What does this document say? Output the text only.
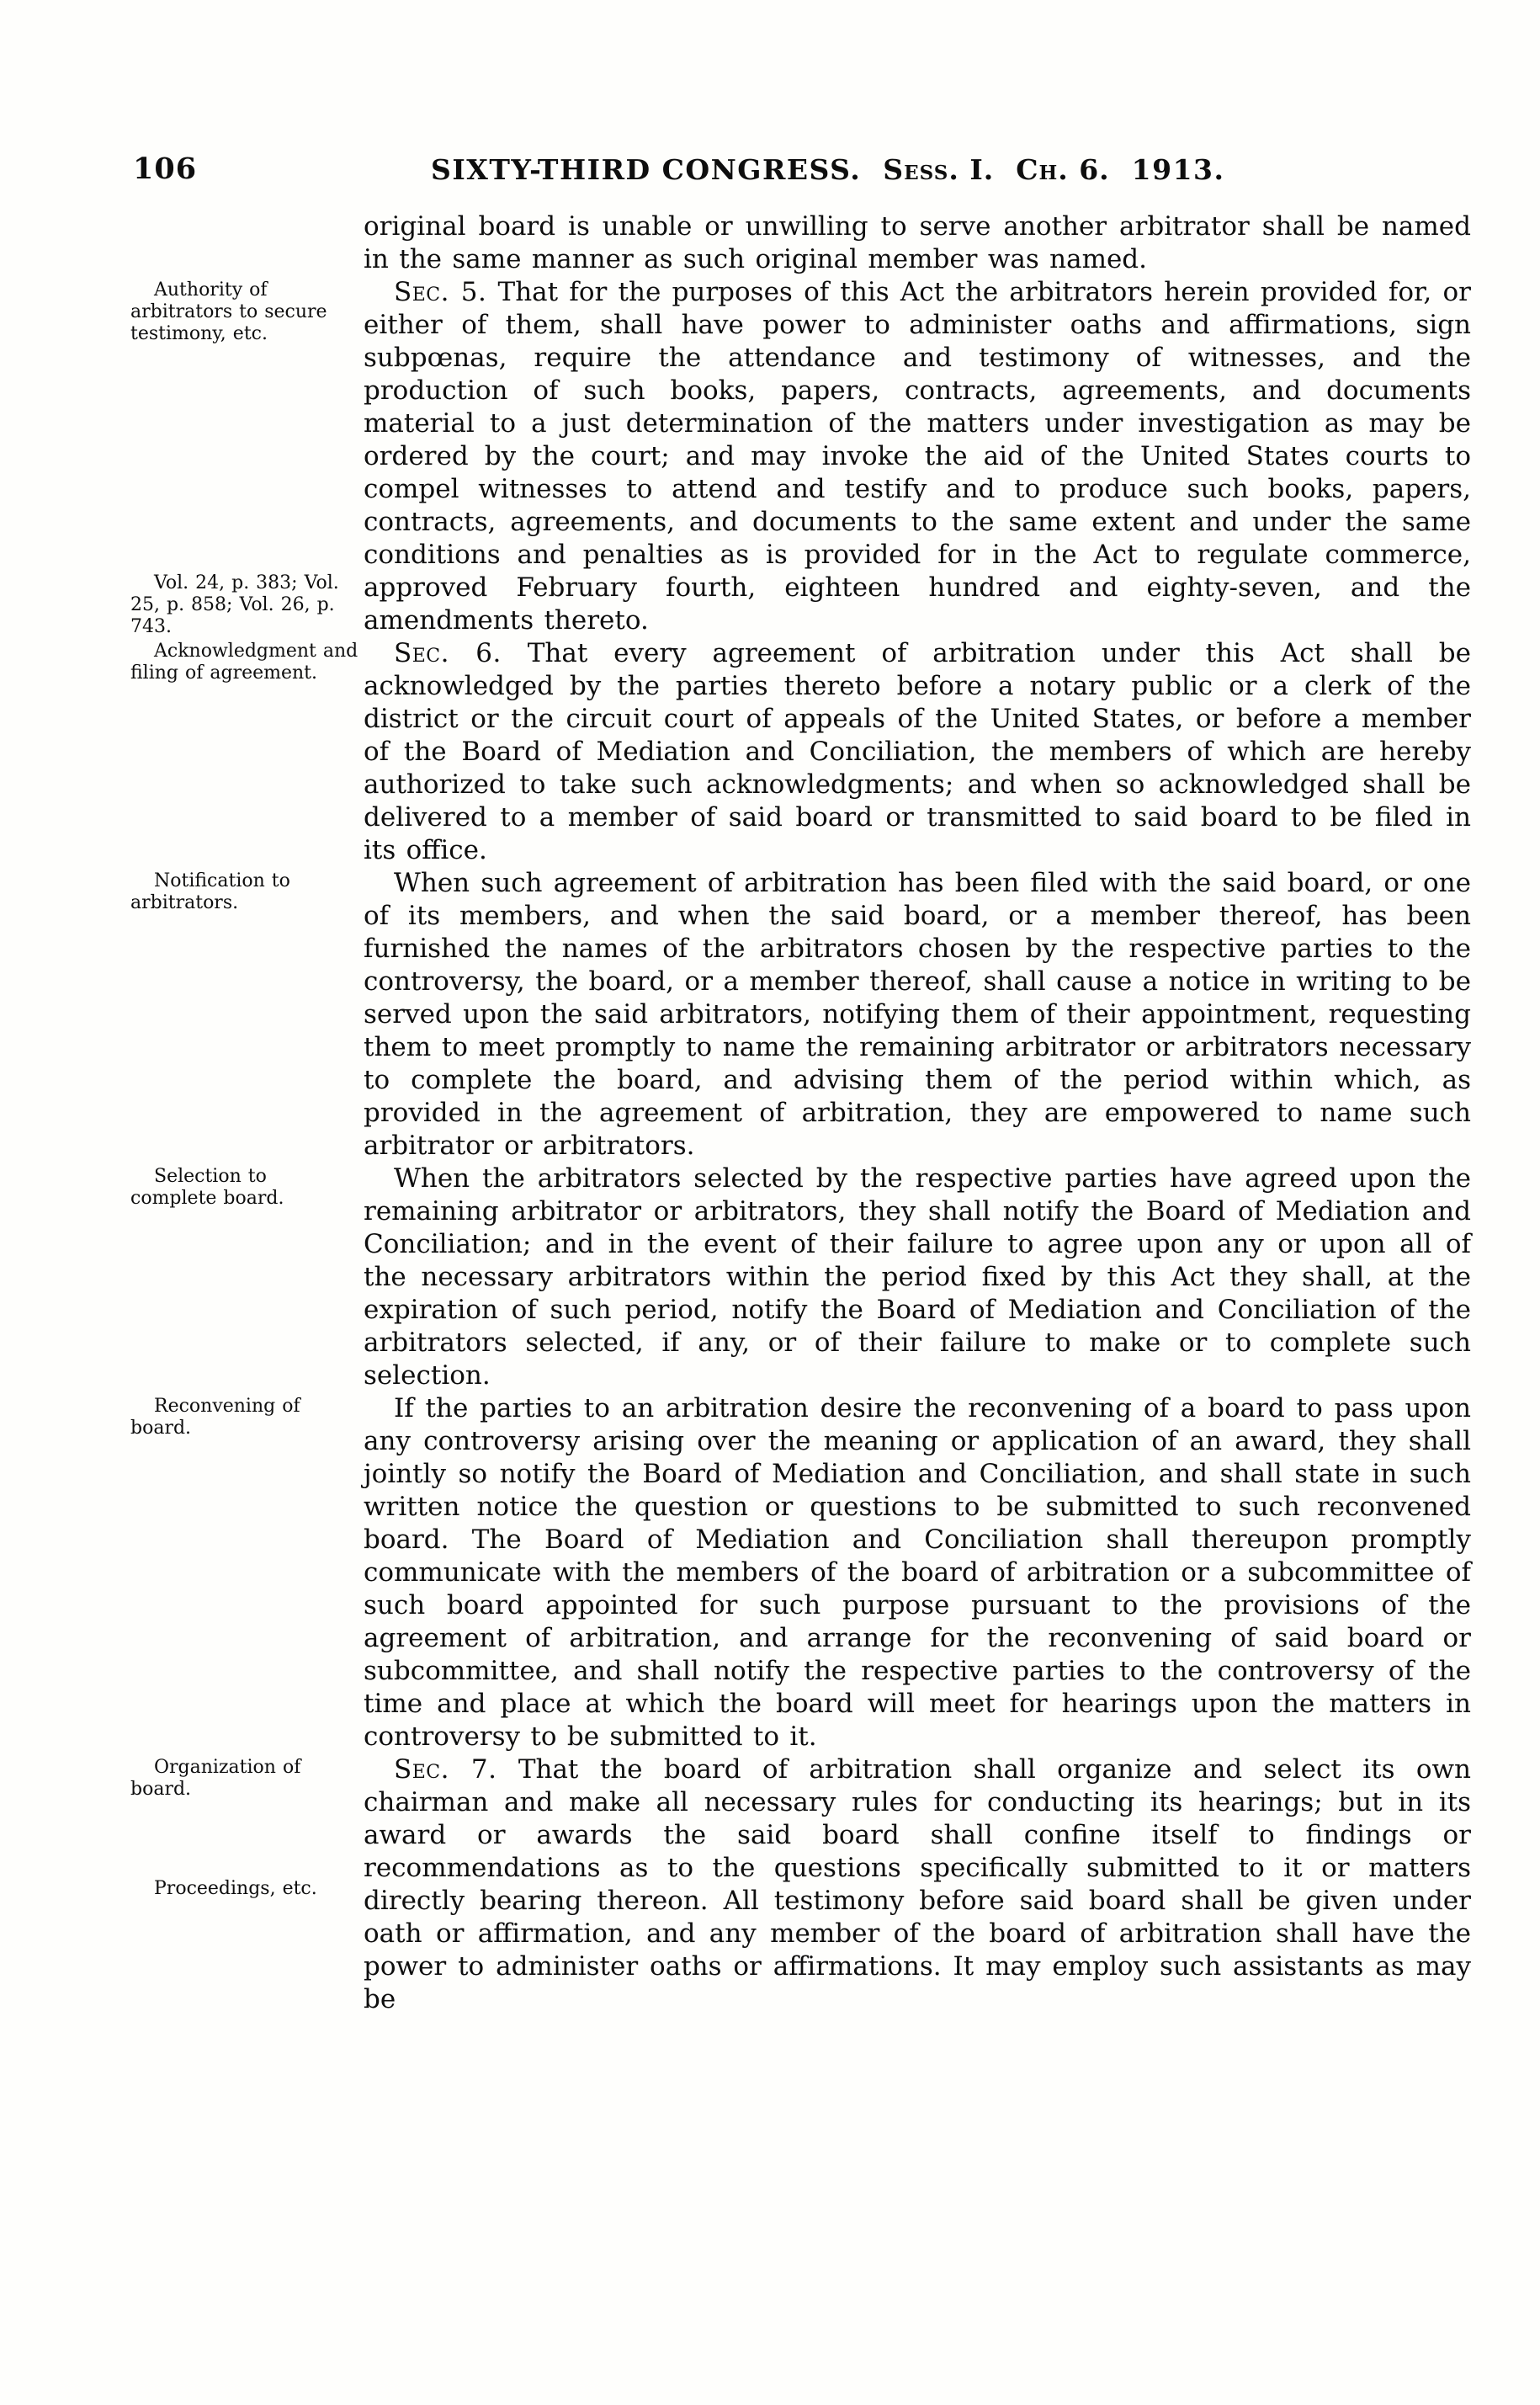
106	SIXTY-THIRD CONGRESS. Sess. I. Ch. 6. 1913.

original board is unable or unwilling to serve another arbitrator shall be named in the same manner as such original member was named.

Authority of arbitrators to secure testimony, etc.
Vol. 24, p. 383; Vol. 25, p. 858; Vol. 26, p. 743.
Sec. 5. That for the purposes of this Act the arbitrators herein provided for, or either of them, shall have power to administer oaths and affirmations, sign subpœnas, require the attendance and testimony of witnesses, and the production of such books, papers, contracts, agreements, and documents material to a just determination of the matters under investigation as may be ordered by the court; and may invoke the aid of the United States courts to compel witnesses to attend and testify and to produce such books, papers, contracts, agreements, and documents to the same extent and under the same conditions and penalties as is provided for in the Act to regulate commerce, approved February fourth, eighteen hundred and eighty-seven, and the amendments thereto.

Acknowledgment and filing of agreement.
Sec. 6. That every agreement of arbitration under this Act shall be acknowledged by the parties thereto before a notary public or a clerk of the district or the circuit court of appeals of the United States, or before a member of the Board of Mediation and Conciliation, the members of which are hereby authorized to take such acknowledgments; and when so acknowledged shall be delivered to a member of said board or transmitted to said board to be filed in its office.

Notification to arbitrators.
When such agreement of arbitration has been filed with the said board, or one of its members, and when the said board, or a member thereof, has been furnished the names of the arbitrators chosen by the respective parties to the controversy, the board, or a member thereof, shall cause a notice in writing to be served upon the said arbitrators, notifying them of their appointment, requesting them to meet promptly to name the remaining arbitrator or arbitrators necessary to complete the board, and advising them of the period within which, as provided in the agreement of arbitration, they are empowered to name such arbitrator or arbitrators.

Selection to complete board.
When the arbitrators selected by the respective parties have agreed upon the remaining arbitrator or arbitrators, they shall notify the Board of Mediation and Conciliation; and in the event of their failure to agree upon any or upon all of the necessary arbitrators within the period fixed by this Act they shall, at the expiration of such period, notify the Board of Mediation and Conciliation of the arbitrators selected, if any, or of their failure to make or to complete such selection.

Reconvening of board.
If the parties to an arbitration desire the reconvening of a board to pass upon any controversy arising over the meaning or application of an award, they shall jointly so notify the Board of Mediation and Conciliation, and shall state in such written notice the question or questions to be submitted to such reconvened board. The Board of Mediation and Conciliation shall thereupon promptly communicate with the members of the board of arbitration or a subcommittee of such board appointed for such purpose pursuant to the provisions of the agreement of arbitration, and arrange for the reconvening of said board or subcommittee, and shall notify the respective parties to the controversy of the time and place at which the board will meet for hearings upon the matters in controversy to be submitted to it.

Organization of board.
Proceedings, etc.
Sec. 7. That the board of arbitration shall organize and select its own chairman and make all necessary rules for conducting its hearings; but in its award or awards the said board shall confine itself to findings or recommendations as to the questions specifically submitted to it or matters directly bearing thereon. All testimony before said board shall be given under oath or affirmation, and any member of the board of arbitration shall have the power to administer oaths or affirmations. It may employ such assistants as may be
